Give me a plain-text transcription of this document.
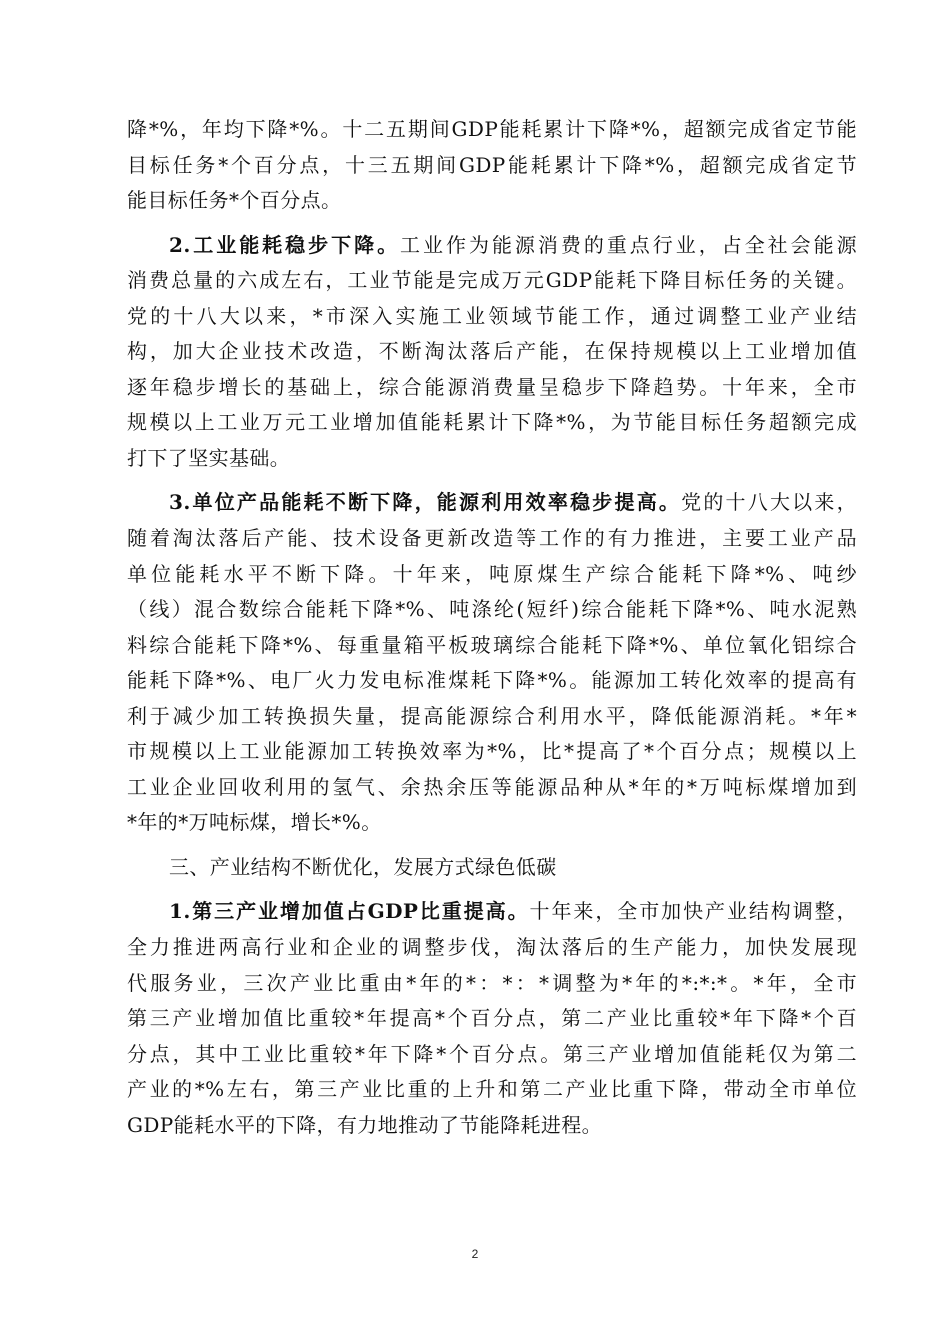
降*%，年均下降*%。十二五期间GDP能耗累计下降*%，超额完成省定节能
目标任务*个百分点，十三五期间GDP能耗累计下降*%，超额完成省定节
能目标任务*个百分点。
2.工业能耗稳步下降。工业作为能源消费的重点行业，占全社会能源
消费总量的六成左右，工业节能是完成万元GDP能耗下降目标任务的关键。
党的十八大以来，*市深入实施工业领域节能工作，通过调整工业产业结
构，加大企业技术改造，不断淘汰落后产能，在保持规模以上工业增加值
逐年稳步增长的基础上，综合能源消费量呈稳步下降趋势。十年来，全市
规模以上工业万元工业增加值能耗累计下降*%，为节能目标任务超额完成
打下了坚实基础。
3.单位产品能耗不断下降，能源利用效率稳步提高。党的十八大以来，
随着淘汰落后产能、技术设备更新改造等工作的有力推进，主要工业产品
单位能耗水平不断下降。十年来，吨原煤生产综合能耗下降*%、吨纱
（线）混合数综合能耗下降*%、吨涤纶(短纤)综合能耗下降*%、吨水泥熟
料综合能耗下降*%、每重量箱平板玻璃综合能耗下降*%、单位氧化铝综合
能耗下降*%、电厂火力发电标准煤耗下降*%。能源加工转化效率的提高有
利于减少加工转换损失量，提高能源综合利用水平，降低能源消耗。*年*
市规模以上工业能源加工转换效率为*%，比*提高了*个百分点；规模以上
工业企业回收利用的氢气、余热余压等能源品种从*年的*万吨标煤增加到
*年的*万吨标煤，增长*%。
三、产业结构不断优化，发展方式绿色低碳
1.第三产业增加值占GDP比重提高。十年来，全市加快产业结构调整，
全力推进两高行业和企业的调整步伐，淘汰落后的生产能力，加快发展现
代服务业，三次产业比重由*年的*：*：*调整为*年的*:*:*。*年，全市
第三产业增加值比重较*年提高*个百分点，第二产业比重较*年下降*个百
分点，其中工业比重较*年下降*个百分点。第三产业增加值能耗仅为第二
产业的*%左右，第三产业比重的上升和第二产业比重下降，带动全市单位
GDP能耗水平的下降，有力地推动了节能降耗进程。
2
